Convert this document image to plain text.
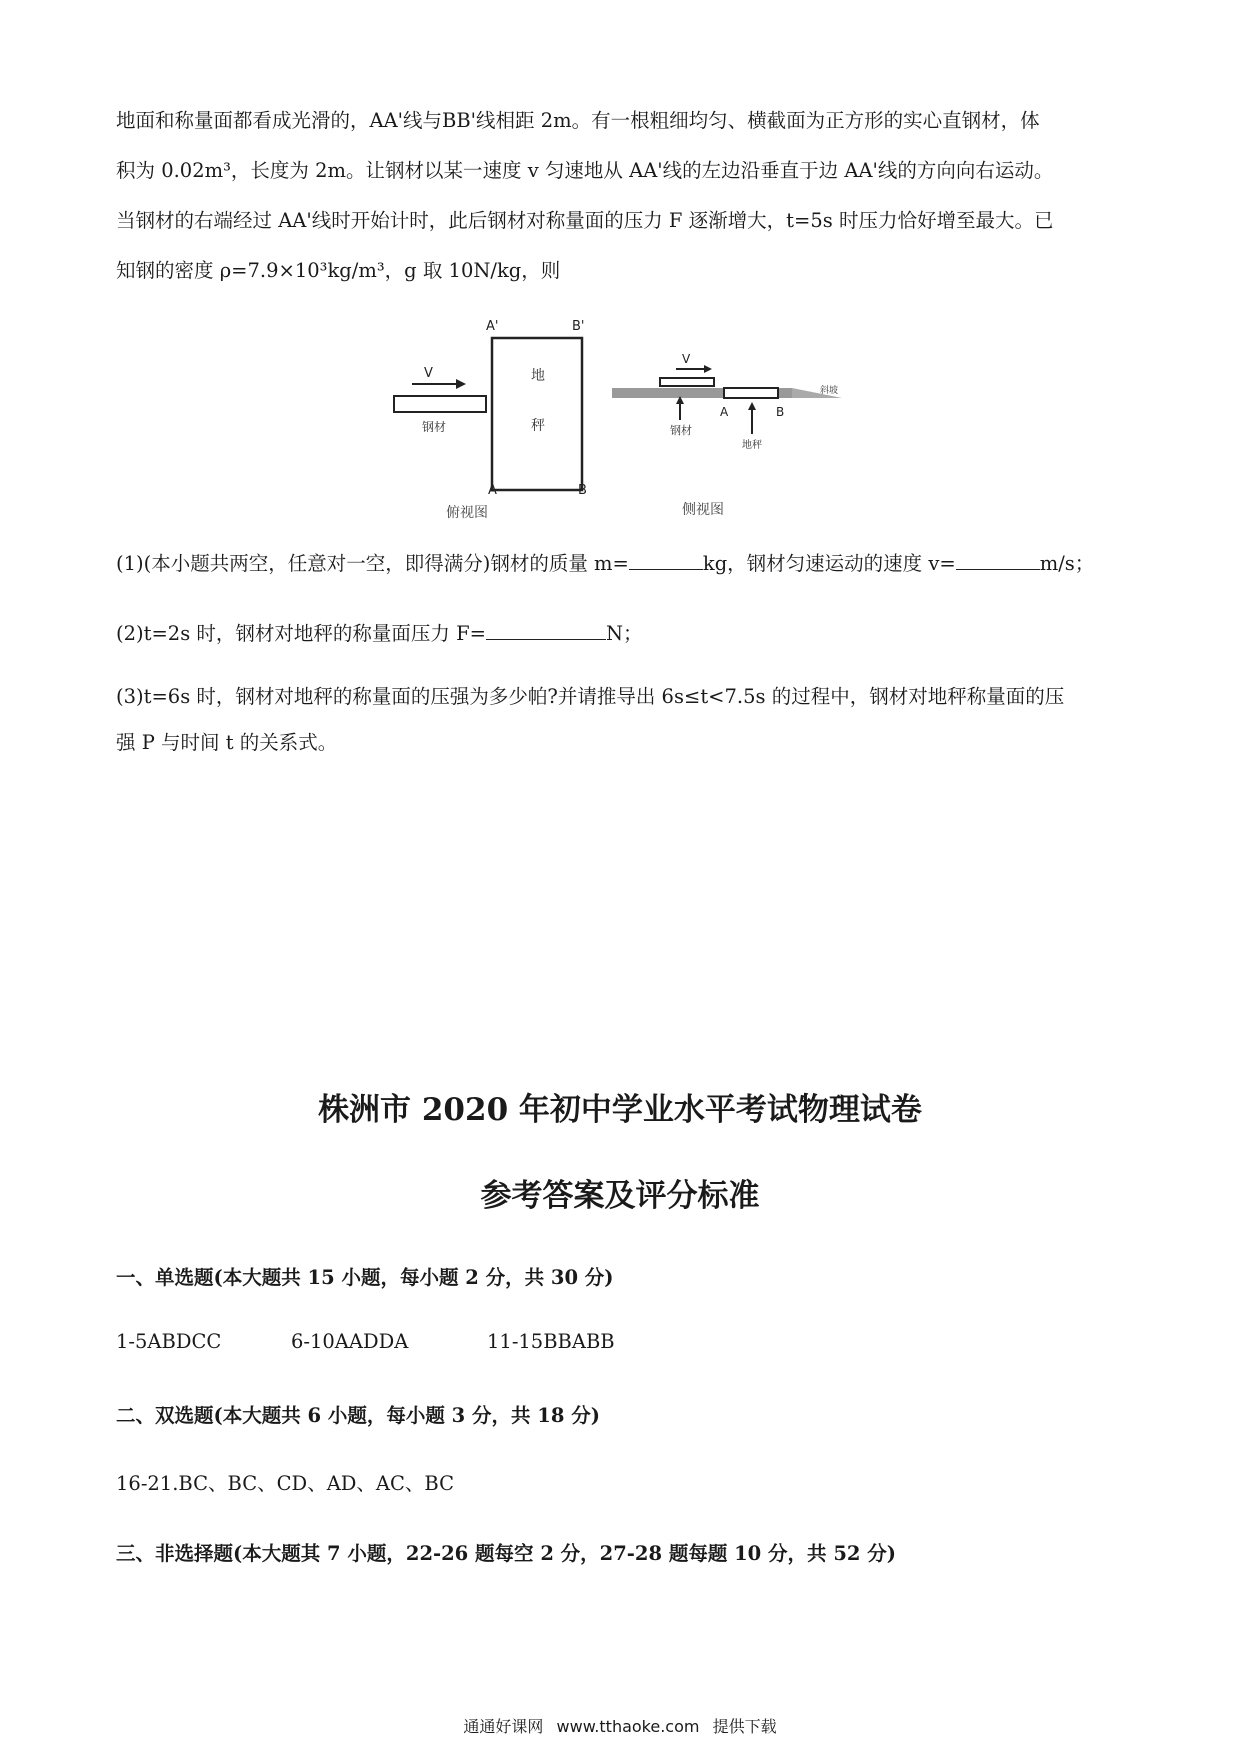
地面和称量面都看成光滑的，AA'线与BB'线相距 2m。有一根粗细均匀、横截面为正方形的实心直钢材，体

积为 0.02m³，长度为 2m。让钢材以某一速度 v 匀速地从 AA'线的左边沿垂直于边 AA'线的方向向右运动。

当钢材的右端经过 AA'线时开始计时，此后钢材对称量面的压力 F 逐渐增大，t=5s 时压力恰好增至最大。已

知钢的密度 ρ=7.9×10³kg/m³，g 取 10N/kg，则

V
钢材
地
秤
A'	B'
A	B
俯视图
斜坡
V
钢材
A	B
地秤
侧视图
(1)(本小题共两空，任意对一空，即得满分)钢材的质量 m=	kg，钢材匀速运动的速度 v=	m/s；
(2)t=2s 时，钢材对地秤的称量面压力 F=	N；

(3)t=6s 时，钢材对地秤的称量面的压强为多少帕?并请推导出 6s≤t<7.5s 的过程中，钢材对地秤称量面的压

强 P 与时间 t 的关系式。

株洲市 2020 年初中学业水平考试物理试卷
参考答案及评分标准
一、单选题(本大题共 15 小题，每小题 2 分，共 30 分)
1-5ABDCC	6-10AADDA	11-15BBABB
二、双选题(本大题共 6 小题，每小题 3 分，共 18 分)
16-21.BC、BC、CD、AD、AC、BC
三、非选择题(本大题其 7 小题，22-26 题每空 2 分，27-28 题每题 10 分，共 52 分)
通通好课网 www.tthaoke.com 提供下载
